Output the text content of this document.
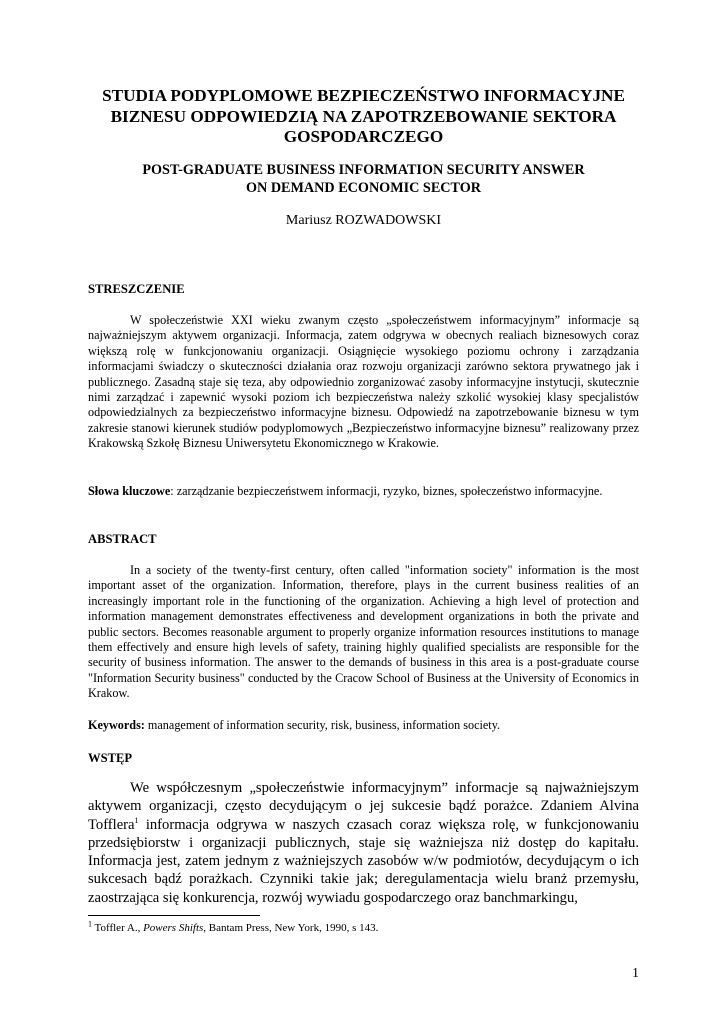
STUDIA PODYPLOMOWE BEZPIECZEŃSTWO INFORMACYJNE
BIZNESU ODPOWIEDZIĄ NA ZAPOTRZEBOWANIE SEKTORA
GOSPODARCZEGO
POST-GRADUATE BUSINESS INFORMATION SECURITY ANSWER
ON DEMAND ECONOMIC SECTOR
Mariusz ROZWADOWSKI
STRESZCZENIE
W społeczeństwie XXI wieku zwanym często „społeczeństwem informacyjnym” informacje są najważniejszym aktywem organizacji. Informacja, zatem odgrywa w obecnych realiach biznesowych coraz większą rolę w funkcjonowaniu organizacji. Osiągnięcie wysokiego poziomu ochrony i zarządzania informacjami świadczy o skuteczności działania oraz rozwoju organizacji zarówno sektora prywatnego jak i publicznego. Zasadną staje się teza, aby odpowiednio zorganizować zasoby informacyjne instytucji, skutecznie nimi zarządzać i zapewnić wysoki poziom ich bezpieczeństwa należy szkolić wysokiej klasy specjalistów odpowiedzialnych za bezpieczeństwo informacyjne biznesu. Odpowiedź na zapotrzebowanie biznesu w tym zakresie stanowi kierunek studiów podyplomowych „Bezpieczeństwo informacyjne biznesu” realizowany przez Krakowską Szkołę Biznesu Uniwersytetu Ekonomicznego w Krakowie.
Słowa kluczowe: zarządzanie bezpieczeństwem informacji, ryzyko, biznes, społeczeństwo informacyjne.
ABSTRACT
In a society of the twenty-first century, often called "information society" information is the most important asset of the organization. Information, therefore, plays in the current business realities of an increasingly important role in the functioning of the organization. Achieving a high level of protection and information management demonstrates effectiveness and development organizations in both the private and public sectors. Becomes reasonable argument to properly organize information resources institutions to manage them effectively and ensure high levels of safety, training highly qualified specialists are responsible for the security of business information. The answer to the demands of business in this area is a post-graduate course "Information Security business" conducted by the Cracow School of Business at the University of Economics in Krakow.
Keywords: management of information security, risk, business, information society.
WSTĘP
We współczesnym „społeczeństwie informacyjnym” informacje są najważniejszym aktywem organizacji, często decydującym o jej sukcesie bądź porażce. Zdaniem Alvina Tofflera$^1$ informacja odgrywa w naszych czasach coraz większa rolę, w funkcjonowaniu przedsiębiorstw i organizacji publicznych, staje się ważniejsza niż dostęp do kapitału. Informacja jest, zatem jednym z ważniejszych zasobów w/w podmiotów, decydującym o ich sukcesach bądź porażkach. Czynniki takie jak; deregulamentacja wielu branż przemysłu, zaostrzająca się konkurencja, rozwój wywiadu gospodarczego oraz banchmarkingu,
$^1$ Toffler A., Powers Shifts, Bantam Press, New York, 1990, s 143.
1
